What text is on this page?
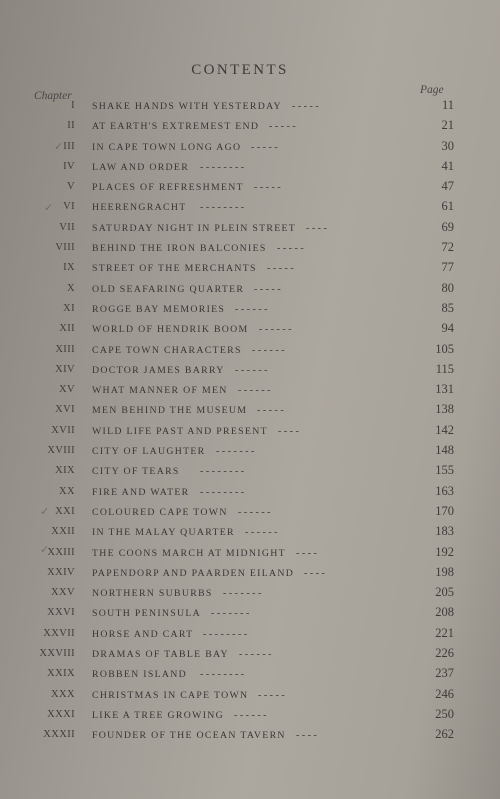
CONTENTS
Chapter	Page
I SHAKE HANDS WITH YESTERDAY - - - - -	11
II AT EARTH'S EXTREMEST END - - - - -	21
III IN CAPE TOWN LONG AGO - - - - -	30
IV LAW AND ORDER - - - - - - - -	41
V PLACES OF REFRESHMENT - - - - -	47
VI HEERENGRACHT - - - - - - - -	61
VII SATURDAY NIGHT IN PLEIN STREET - - - -	69
VIII BEHIND THE IRON BALCONIES - - - - -	72
IX STREET OF THE MERCHANTS - - - - -	77
X OLD SEAFARING QUARTER - - - - -	80
XI ROGGE BAY MEMORIES - - - - - -	85
XII WORLD OF HENDRIK BOOM - - - - - -	94
XIII CAPE TOWN CHARACTERS - - - - - -	105
XIV DOCTOR JAMES BARRY - - - - - -	115
XV WHAT MANNER OF MEN - - - - - -	131
XVI MEN BEHIND THE MUSEUM - - - - -	138
XVII WILD LIFE PAST AND PRESENT - - - -	142
XVIII CITY OF LAUGHTER - - - - - - -	148
XIX CITY OF TEARS - - - - - - - -	155
XX FIRE AND WATER - - - - - - - -	163
XXI COLOURED CAPE TOWN - - - - - -	170
XXII IN THE MALAY QUARTER - - - - - -	183
XXIII THE COONS MARCH AT MIDNIGHT - - - -	192
XXIV PAPENDORP AND PAARDEN EILAND - - - -	198
XXV NORTHERN SUBURBS - - - - - - -	205
XXVI SOUTH PENINSULA - - - - - - -	208
XXVII HORSE AND CART - - - - - - - -	221
XXVIII DRAMAS OF TABLE BAY - - - - - -	226
XXIX ROBBEN ISLAND - - - - - - - -	237
XXX CHRISTMAS IN CAPE TOWN - - - - -	246
XXXI LIKE A TREE GROWING - - - - - -	250
XXXII FOUNDER OF THE OCEAN TAVERN - - - -	262
✓
✓
✓
✓
